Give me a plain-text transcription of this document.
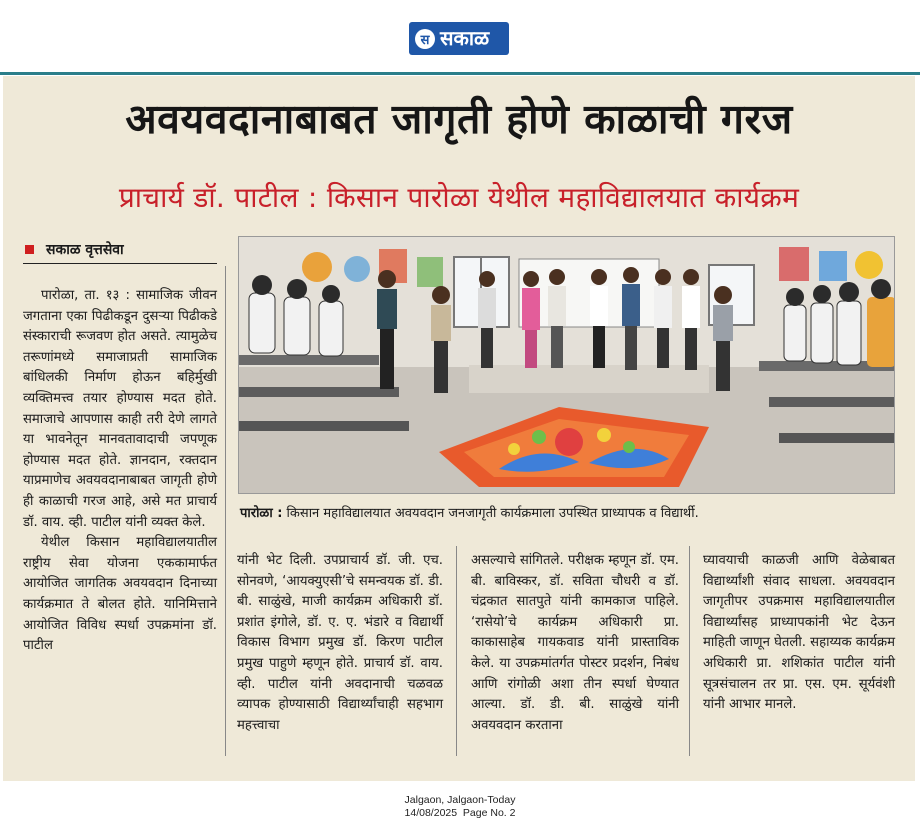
स सकाळ
अवयवदानाबाबत जागृती होणे काळाची गरज
प्राचार्य डॉ. पाटील : किसान पारोळा येथील महाविद्यालयात कार्यक्रम
सकाळ वृत्तसेवा
पारोळा : किसान महाविद्यालयात अवयवदान जनजागृती कार्यक्रमाला उपस्थित प्राध्यापक व विद्यार्थी.

पारोळा, ता. १३ : सामाजिक जीवन जगताना एका पिढीकडून दुसऱ्या पिढीकडे संस्काराची रूजवण होत असते. त्यामुळेच तरूणांमध्ये समाजाप्रती सामाजिक बांधिलकी निर्माण होऊन बहिर्मुखी व्यक्तिमत्त्व तयार होण्यास मदत होते. समाजाचे आपणास काही तरी देणे लागते या भावनेतून मानवतावादाची जपणूक होण्यास मदत होते. ज्ञानदान, रक्तदान याप्रमाणेच अवयवदानाबाबत जागृती होणे ही काळाची गरज आहे, असे मत प्राचार्य डॉ. वाय. व्ही. पाटील यांनी व्यक्त केले.

येथील किसान महाविद्यालयातील राष्ट्रीय सेवा योजना एककामार्फत आयोजित जागतिक अवयवदान दिनाच्या कार्यक्रमात ते बोलत होते. यानिमित्ताने आयोजित विविध स्पर्धा उपक्रमांना डॉ. पाटील

यांनी भेट दिली. उपप्राचार्य डॉ. जी. एच. सोनवणे, ‘आयक्युएसी’चे समन्वयक डॉ. डी. बी. साळुंखे, माजी कार्यक्रम अधिकारी डॉ. प्रशांत इंगोले, डॉ. ए. ए. भंडारे व विद्यार्थी विकास विभाग प्रमुख डॉ. किरण पाटील प्रमुख पाहुणे म्हणून होते. प्राचार्य डॉ. वाय. व्ही. पाटील यांनी अवदानाची चळवळ व्यापक होण्यासाठी विद्यार्थ्यांचाही सहभाग महत्त्वाचा

असल्याचे सांगितले. परीक्षक म्हणून डॉ. एम. बी. बाविस्कर, डॉ. सविता चौधरी व डॉ. चंद्रकात सातपुते यांनी कामकाज पाहिले. ‘रासेयो’चे कार्यक्रम अधिकारी प्रा. काकासाहेब गायकवाड यांनी प्रास्ताविक केले. या उपक्रमांतर्गत पोस्टर प्रदर्शन, निबंध आणि रांगोळी अशा तीन स्पर्धा घेण्यात आल्या. डॉ. डी. बी. साळुंखे यांनी अवयवदान करताना

घ्यावयाची काळजी आणि वेळेबाबत विद्यार्थ्यांशी संवाद साधला. अवयवदान जागृतीपर उपक्रमास महाविद्यालयातील विद्यार्थ्यांसह प्राध्यापकांनी भेट देऊन माहिती जाणून घेतली. सहाय्यक कार्यक्रम अधिकारी प्रा. शशिकांत पाटील यांनी सूत्रसंचालन तर प्रा. एस. एम. सूर्यवंशी यांनी आभार मानले.

Jalgaon, Jalgaon-Today
14/08/2025  Page No. 2
